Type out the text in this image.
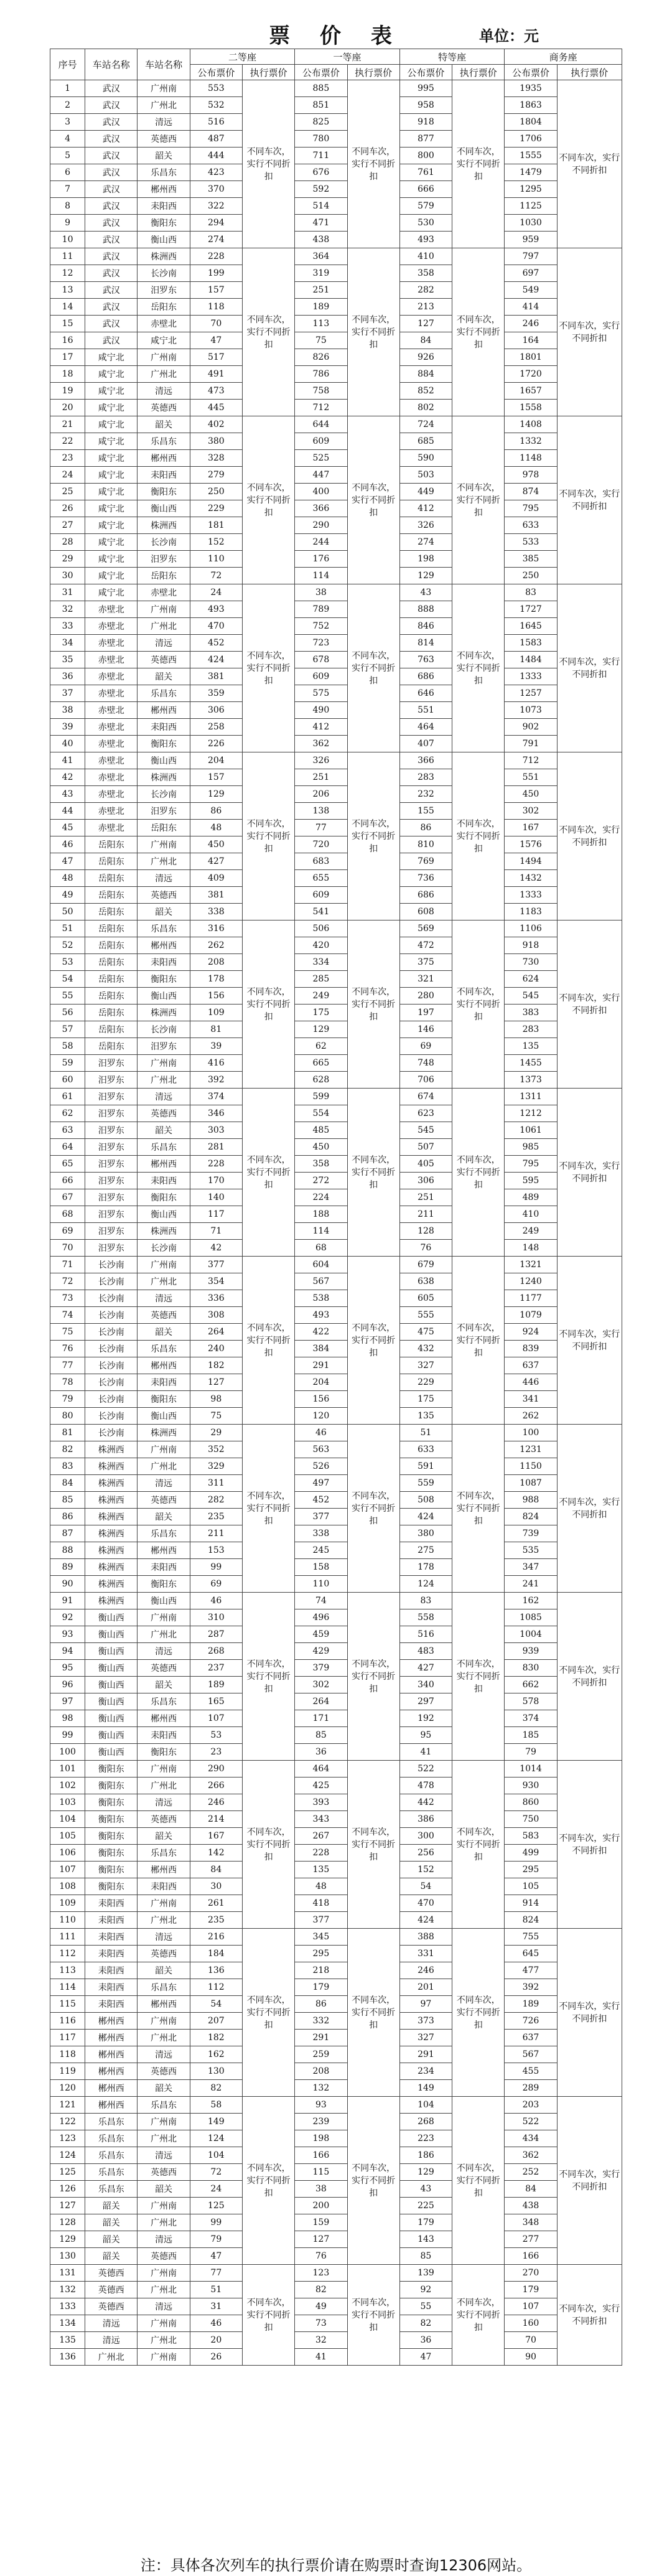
票 价 表	单位：元
序号	车站名称	车站名称	二等座		一等座		特等座		商务座	
			公布票价	执行票价	公布票价	执行票价	公布票价	执行票价	公布票价	执行票价
1	武汉	广州南	553	不同车次，实行不同折扣	885	不同车次，实行不同折扣	995	不同车次，实行不同折扣	1935	不同车次，实行不同折扣
2	武汉	广州北	532		851		958		1863	
3	武汉	清远	516		825		918		1804	
4	武汉	英德西	487		780		877		1706	
5	武汉	韶关	444		711		800		1555	
6	武汉	乐昌东	423		676		761		1479	
7	武汉	郴州西	370		592		666		1295	
8	武汉	耒阳西	322		514		579		1125	
9	武汉	衡阳东	294		471		530		1030	
10	武汉	衡山西	274		438		493		959	
11	武汉	株洲西	228	不同车次，实行不同折扣	364	不同车次，实行不同折扣	410	不同车次，实行不同折扣	797	不同车次，实行不同折扣
12	武汉	长沙南	199		319		358		697	
13	武汉	汨罗东	157		251		282		549	
14	武汉	岳阳东	118		189		213		414	
15	武汉	赤壁北	70		113		127		246	
16	武汉	咸宁北	47		75		84		164	
17	咸宁北	广州南	517		826		926		1801	
18	咸宁北	广州北	491		786		884		1720	
19	咸宁北	清远	473		758		852		1657	
20	咸宁北	英德西	445		712		802		1558	
21	咸宁北	韶关	402	不同车次，实行不同折扣	644	不同车次，实行不同折扣	724	不同车次，实行不同折扣	1408	不同车次，实行不同折扣
22	咸宁北	乐昌东	380		609		685		1332	
23	咸宁北	郴州西	328		525		590		1148	
24	咸宁北	耒阳西	279		447		503		978	
25	咸宁北	衡阳东	250		400		449		874	
26	咸宁北	衡山西	229		366		412		795	
27	咸宁北	株洲西	181		290		326		633	
28	咸宁北	长沙南	152		244		274		533	
29	咸宁北	汨罗东	110		176		198		385	
30	咸宁北	岳阳东	72		114		129		250	
31	咸宁北	赤壁北	24	不同车次，实行不同折扣	38	不同车次，实行不同折扣	43	不同车次，实行不同折扣	83	不同车次，实行不同折扣
32	赤壁北	广州南	493		789		888		1727	
33	赤壁北	广州北	470		752		846		1645	
34	赤壁北	清远	452		723		814		1583	
35	赤壁北	英德西	424		678		763		1484	
36	赤壁北	韶关	381		609		686		1333	
37	赤壁北	乐昌东	359		575		646		1257	
38	赤壁北	郴州西	306		490		551		1073	
39	赤壁北	耒阳西	258		412		464		902	
40	赤壁北	衡阳东	226		362		407		791	
41	赤壁北	衡山西	204	不同车次，实行不同折扣	326	不同车次，实行不同折扣	366	不同车次，实行不同折扣	712	不同车次，实行不同折扣
42	赤壁北	株洲西	157		251		283		551	
43	赤壁北	长沙南	129		206		232		450	
44	赤壁北	汨罗东	86		138		155		302	
45	赤壁北	岳阳东	48		77		86		167	
46	岳阳东	广州南	450		720		810		1576	
47	岳阳东	广州北	427		683		769		1494	
48	岳阳东	清远	409		655		736		1432	
49	岳阳东	英德西	381		609		686		1333	
50	岳阳东	韶关	338		541		608		1183	
51	岳阳东	乐昌东	316	不同车次，实行不同折扣	506	不同车次，实行不同折扣	569	不同车次，实行不同折扣	1106	不同车次，实行不同折扣
52	岳阳东	郴州西	262		420		472		918	
53	岳阳东	耒阳西	208		334		375		730	
54	岳阳东	衡阳东	178		285		321		624	
55	岳阳东	衡山西	156		249		280		545	
56	岳阳东	株洲西	109		175		197		383	
57	岳阳东	长沙南	81		129		146		283	
58	岳阳东	汨罗东	39		62		69		135	
59	汨罗东	广州南	416		665		748		1455	
60	汨罗东	广州北	392		628		706		1373	
61	汨罗东	清远	374	不同车次，实行不同折扣	599	不同车次，实行不同折扣	674	不同车次，实行不同折扣	1311	不同车次，实行不同折扣
62	汨罗东	英德西	346		554		623		1212	
63	汨罗东	韶关	303		485		545		1061	
64	汨罗东	乐昌东	281		450		507		985	
65	汨罗东	郴州西	228		358		405		795	
66	汨罗东	耒阳西	170		272		306		595	
67	汨罗东	衡阳东	140		224		251		489	
68	汨罗东	衡山西	117		188		211		410	
69	汨罗东	株洲西	71		114		128		249	
70	汨罗东	长沙南	42		68		76		148	
71	长沙南	广州南	377	不同车次，实行不同折扣	604	不同车次，实行不同折扣	679	不同车次，实行不同折扣	1321	不同车次，实行不同折扣
72	长沙南	广州北	354		567		638		1240	
73	长沙南	清远	336		538		605		1177	
74	长沙南	英德西	308		493		555		1079	
75	长沙南	韶关	264		422		475		924	
76	长沙南	乐昌东	240		384		432		839	
77	长沙南	郴州西	182		291		327		637	
78	长沙南	耒阳西	127		204		229		446	
79	长沙南	衡阳东	98		156		175		341	
80	长沙南	衡山西	75		120		135		262	
81	长沙南	株洲西	29	不同车次，实行不同折扣	46	不同车次，实行不同折扣	51	不同车次，实行不同折扣	100	不同车次，实行不同折扣
82	株洲西	广州南	352		563		633		1231	
83	株洲西	广州北	329		526		591		1150	
84	株洲西	清远	311		497		559		1087	
85	株洲西	英德西	282		452		508		988	
86	株洲西	韶关	235		377		424		824	
87	株洲西	乐昌东	211		338		380		739	
88	株洲西	郴州西	153		245		275		535	
89	株洲西	耒阳西	99		158		178		347	
90	株洲西	衡阳东	69		110		124		241	
91	株洲西	衡山西	46	不同车次，实行不同折扣	74	不同车次，实行不同折扣	83	不同车次，实行不同折扣	162	不同车次，实行不同折扣
92	衡山西	广州南	310		496		558		1085	
93	衡山西	广州北	287		459		516		1004	
94	衡山西	清远	268		429		483		939	
95	衡山西	英德西	237		379		427		830	
96	衡山西	韶关	189		302		340		662	
97	衡山西	乐昌东	165		264		297		578	
98	衡山西	郴州西	107		171		192		374	
99	衡山西	耒阳西	53		85		95		185	
100	衡山西	衡阳东	23		36		41		79	
101	衡阳东	广州南	290	不同车次，实行不同折扣	464	不同车次，实行不同折扣	522	不同车次，实行不同折扣	1014	不同车次，实行不同折扣
102	衡阳东	广州北	266		425		478		930	
103	衡阳东	清远	246		393		442		860	
104	衡阳东	英德西	214		343		386		750	
105	衡阳东	韶关	167		267		300		583	
106	衡阳东	乐昌东	142		228		256		499	
107	衡阳东	郴州西	84		135		152		295	
108	衡阳东	耒阳西	30		48		54		105	
109	耒阳西	广州南	261		418		470		914	
110	耒阳西	广州北	235		377		424		824	
111	耒阳西	清远	216	不同车次，实行不同折扣	345	不同车次，实行不同折扣	388	不同车次，实行不同折扣	755	不同车次，实行不同折扣
112	耒阳西	英德西	184		295		331		645	
113	耒阳西	韶关	136		218		246		477	
114	耒阳西	乐昌东	112		179		201		392	
115	耒阳西	郴州西	54		86		97		189	
116	郴州西	广州南	207		332		373		726	
117	郴州西	广州北	182		291		327		637	
118	郴州西	清远	162		259		291		567	
119	郴州西	英德西	130		208		234		455	
120	郴州西	韶关	82		132		149		289	
121	郴州西	乐昌东	58	不同车次，实行不同折扣	93	不同车次，实行不同折扣	104	不同车次，实行不同折扣	203	不同车次，实行不同折扣
122	乐昌东	广州南	149		239		268		522	
123	乐昌东	广州北	124		198		223		434	
124	乐昌东	清远	104		166		186		362	
125	乐昌东	英德西	72		115		129		252	
126	乐昌东	韶关	24		38		43		84	
127	韶关	广州南	125		200		225		438	
128	韶关	广州北	99		159		179		348	
129	韶关	清远	79		127		143		277	
130	韶关	英德西	47		76		85		166	
131	英德西	广州南	77	不同车次，实行不同折扣	123	不同车次，实行不同折扣	139	不同车次，实行不同折扣	270	不同车次，实行不同折扣
132	英德西	广州北	51		82		92		179	
133	英德西	清远	31		49		55		107	
134	清远	广州南	46		73		82		160	
135	清远	广州北	20		32		36		70	
136	广州北	广州南	26		41		47		90	
注：具体各次列车的执行票价请在购票时查询12306网站。
